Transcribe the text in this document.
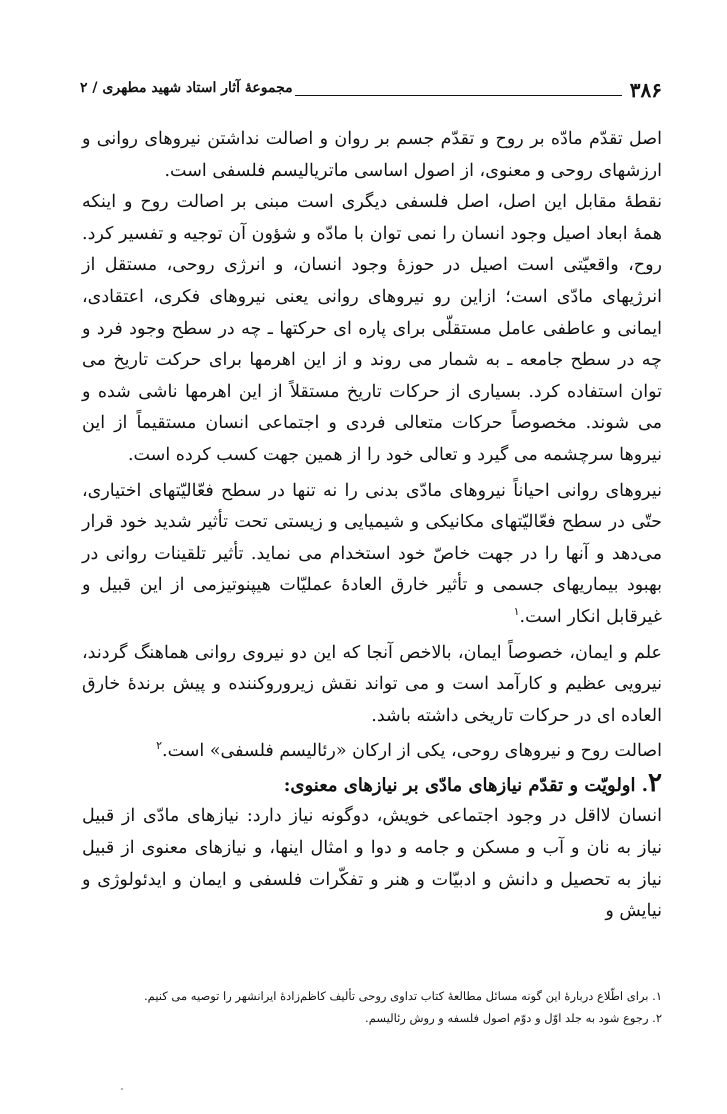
۳۸۶
مجموعهٔ آثار استاد شهید مطهری / ۲

اصل تقدّم مادّه بر روح و تقدّم جسم بر روان و اصالت نداشتن نیروهای روانی و ارزشهای روحی و معنوی، از اصول اساسی ماتریالیسم فلسفی است.

نقطهٔ مقابل این اصل، اصل فلسفی دیگری است مبنی بر اصالت روح و اینکه همهٔ ابعاد اصیل وجود انسان را نمی توان با مادّه و شؤون آن توجیه و تفسیر کرد. روح، واقعیّتی است اصیل در حوزهٔ وجود انسان، و انرژی روحی، مستقل از انرژیهای مادّی است؛ ازاین رو نیروهای روانی یعنی نیروهای فکری، اعتقادی، ایمانی و عاطفی عامل مستقلّی برای پاره ای حرکتها ـ چه در سطح وجود فرد و چه در سطح جامعه ـ به شمار می روند و از این اهرمها برای حرکت تاریخ می توان استفاده کرد. بسیاری از حرکات تاریخ مستقلاً از این اهرمها ناشی شده و می شوند. مخصوصاً حرکات متعالی فردی و اجتماعی انسان مستقیماً از این نیروها سرچشمه می گیرد و تعالی خود را از همین جهت کسب کرده است.

نیروهای روانی احیاناً نیروهای مادّی بدنی را نه تنها در سطح فعّالیّتهای اختیاری، حتّی در سطح فعّالیّتهای مکانیکی و شیمیایی و زیستی تحت تأثیر شدید خود قرار می‌دهد و آنها را در جهت خاصّ خود استخدام می نماید. تأثیر تلقینات روانی در بهبود بیماریهای جسمی و تأثیر خارق العادهٔ عملیّات هیپنوتیزمی از این قبیل و غیرقابل انکار است.$^۱$

علم و ایمان، خصوصاً ایمان، بالاخص آنجا که این دو نیروی روانی هماهنگ گردند، نیرویی عظیم و کارآمد است و می تواند نقش زیروروکننده و پیش برندهٔ خارق العاده ای در حرکات تاریخی داشته باشد.

اصالت روح و نیروهای روحی، یکی از ارکان «رئالیسم فلسفی» است.$^۲$

۲. اولویّت و تقدّم نیازهای مادّی بر نیازهای معنوی:

انسان لااقل در وجود اجتماعی خویش، دوگونه نیاز دارد: نیازهای مادّی از قبیل نیاز به نان و آب و مسکن و جامه و دوا و امثال اینها، و نیازهای معنوی از قبیل نیاز به تحصیل و دانش و ادبیّات و هنر و تفکّرات فلسفی و ایمان و ایدئولوژی و نیایش و

۱. برای اطّلاع دربارهٔ این گونه مسائل مطالعهٔ کتاب تداوی روحی تألیف کاظم‌زادهٔ ایرانشهر را توصیه می کنیم.

۲. رجوع شود به جلد اوّل و دوّم اصول فلسفه و روش رئالیسم.
